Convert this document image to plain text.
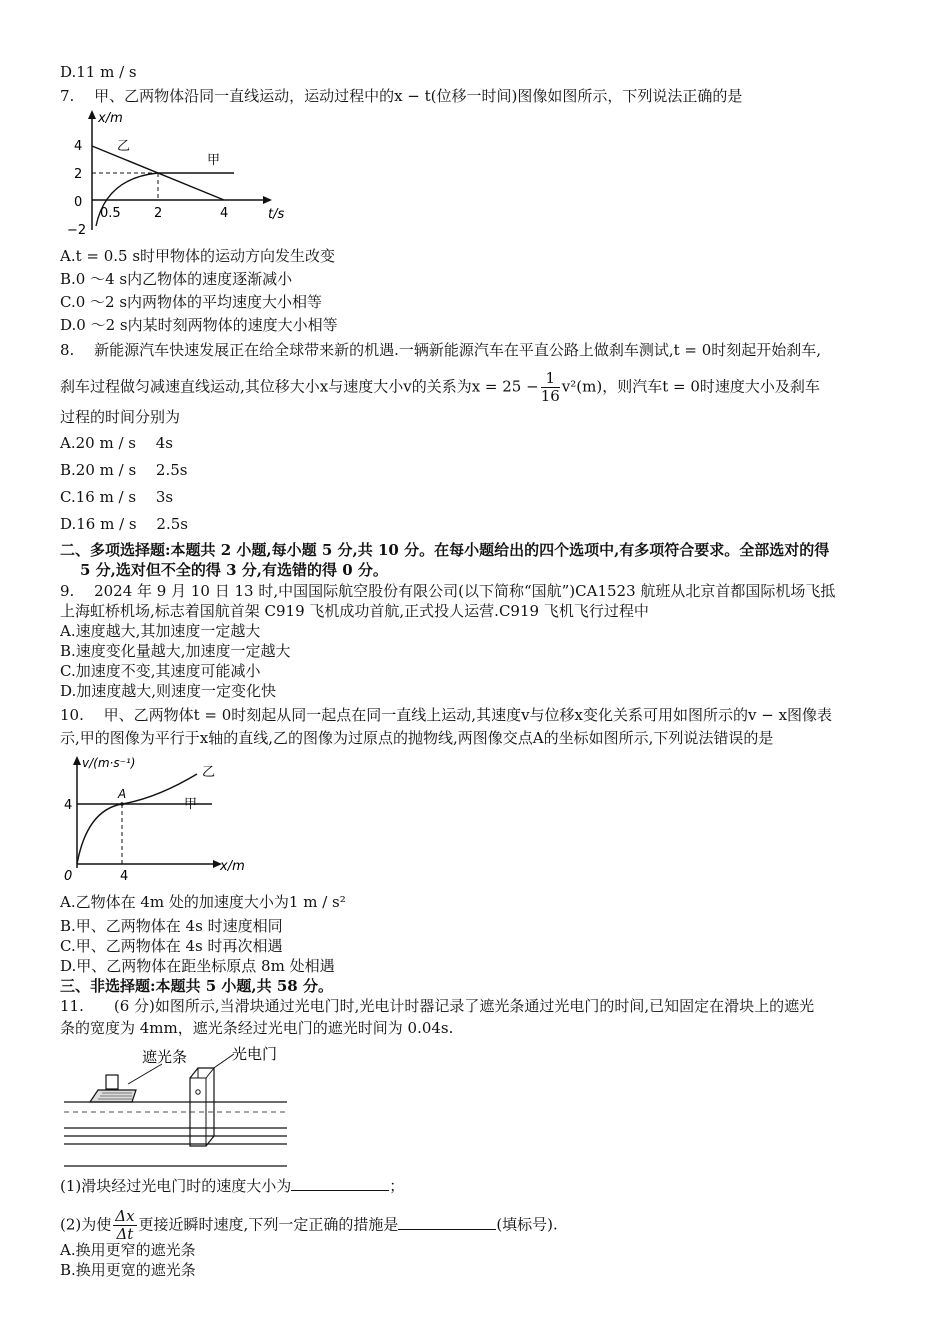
D.11 m / s
7.　 甲、乙两物体沿同一直线运动，运动过程中的x − t(位移一时间)图像如图所示，下列说法正确的是
x/m
t/s
4
2
0
−2
0.5	2	4
乙
甲
A.t = 0.5 s时甲物体的运动方向发生改变
B.0 ～4 s内乙物体的速度逐渐减小
C.0 ～2 s内两物体的平均速度大小相等
D.0 ～2 s内某时刻两物体的速度大小相等
8.　 新能源汽车快速发展正在给全球带来新的机遇.一辆新能源汽车在平直公路上做刹车测试,t = 0时刻起开始刹车,
刹车过程做匀减速直线运动,其位移大小x与速度大小v的关系为$x = 25 - \frac{1}{16} v^2(m)$，则汽车t = 0时速度大小及刹车
过程的时间分别为
A.20 m / s　 4s
B.20 m / s　 2.5s
C.16 m / s　 3s
D.16 m / s　 2.5s
二、多项选择题:本题共 2 小题,每小题 5 分,共 10 分。在每小题给出的四个选项中,有多项符合要求。全部选对的得
5 分,选对但不全的得 3 分,有选错的得 0 分。
9.　 2024 年 9 月 10 日 13 时,中国国际航空股份有限公司(以下简称“国航”)CA1523 航班从北京首都国际机场飞抵
上海虹桥机场,标志着国航首架 C919 飞机成功首航,正式投人运营.C919 飞机飞行过程中
A.速度越大,其加速度一定越大
B.速度变化量越大,加速度一定越大
C.加速度不变,其速度可能减小
D.加速度越大,则速度一定变化快
10.　 甲、乙两物体t = 0时刻起从同一起点在同一直线上运动,其速度v与位移x变化关系可用如图所示的v − x图像表
示,甲的图像为平行于x轴的直线,乙的图像为过原点的抛物线,两图像交点A的坐标如图所示,下列说法错误的是
v/(m·s⁻¹)
x/m
4
4
0
A
甲
乙
A.乙物体在 4m 处的加速度大小为1 m / s²
B.甲、乙两物体在 4s 时速度相同
C.甲、乙两物体在 4s 时再次相遇
D.甲、乙两物体在距坐标原点 8m 处相遇
三、非选择题:本题共 5 小题,共 58 分。
11.　　(6 分)如图所示,当滑块通过光电门时,光电计时器记录了遮光条通过光电门的时间,已知固定在滑块上的遮光
条的宽度为 4mm，遮光条经过光电门的遮光时间为 0.04s.
遮光条	光电门
(1)滑块经过光电门时的速度大小为	；
(2)为使 $\frac{\Delta x}{\Delta t}$ 更接近瞬时速度,下列一定正确的措施是	(填标号).
A.换用更窄的遮光条
B.换用更宽的遮光条
